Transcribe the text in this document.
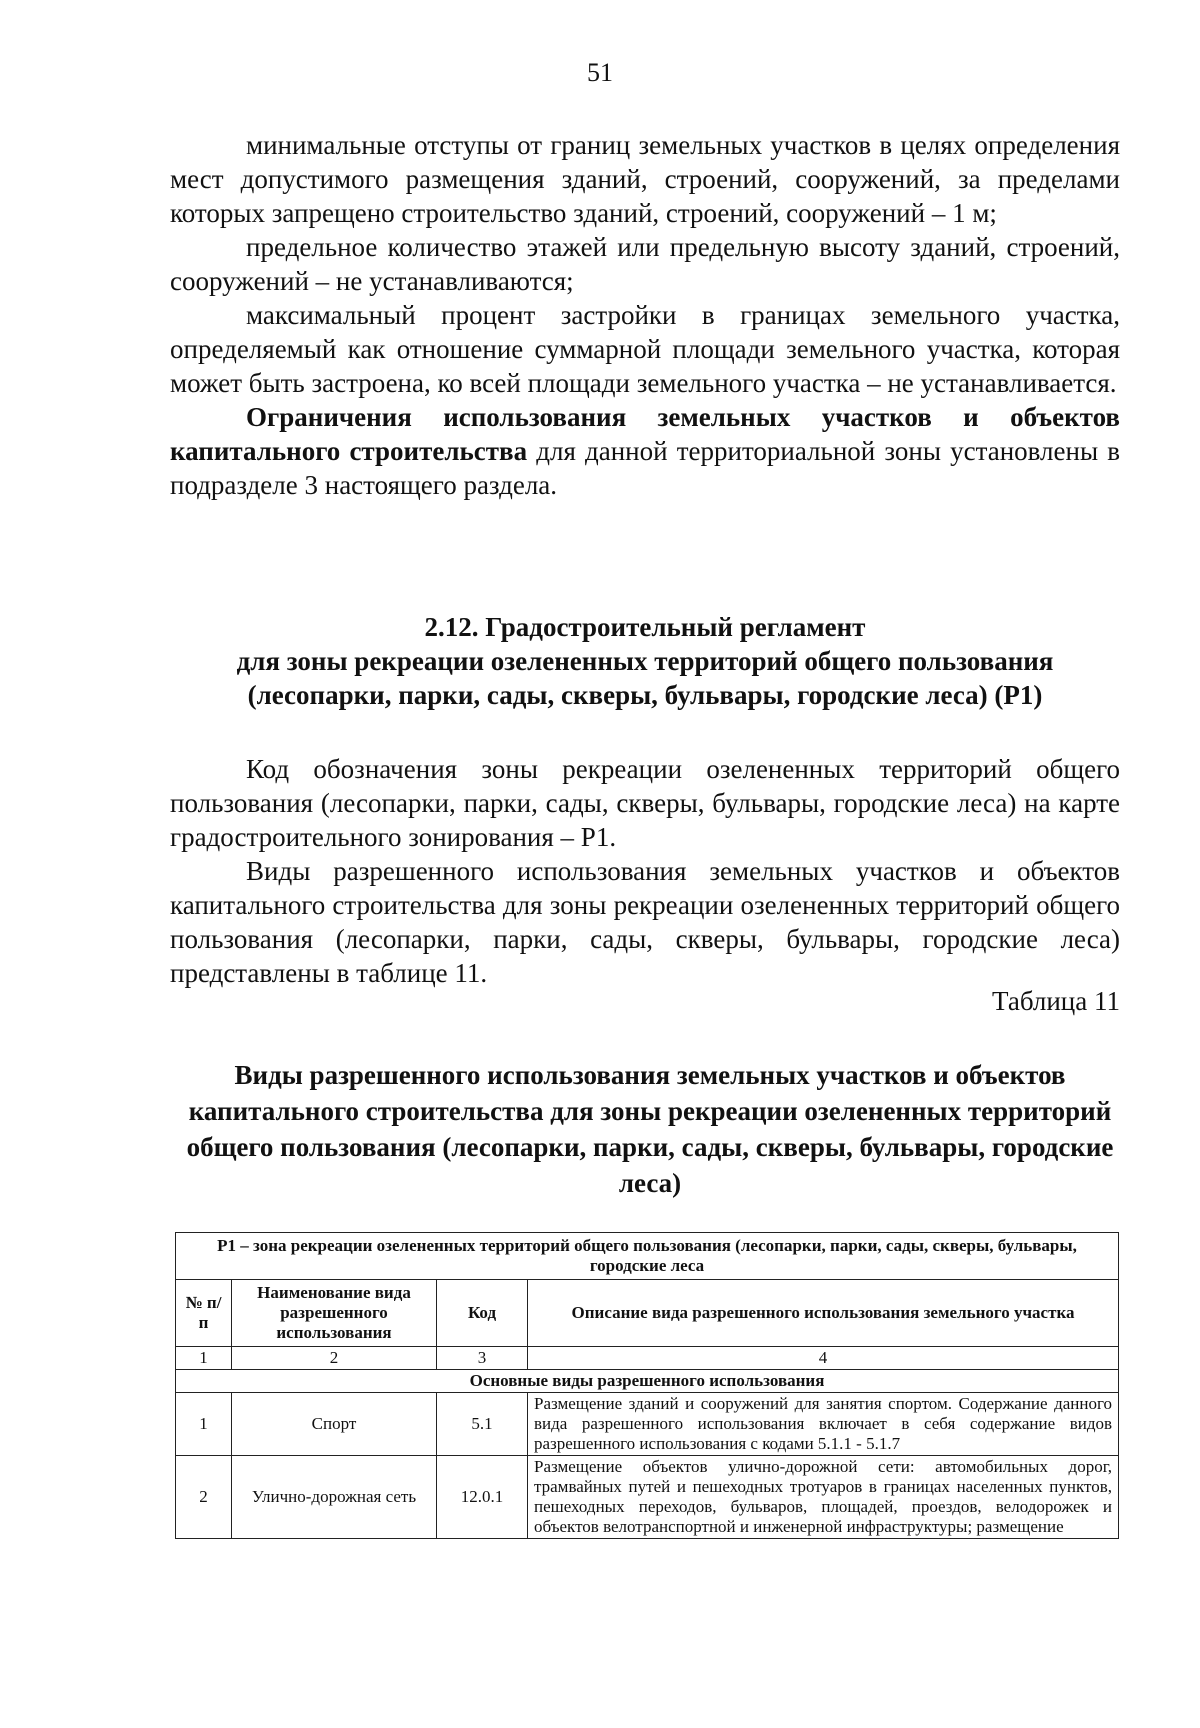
51

минимальные отступы от границ земельных участков в целях определения мест допустимого размещения зданий, строений, сооружений, за пределами которых запрещено строительство зданий, строений, сооружений – 1 м;

предельное количество этажей или предельную высоту зданий, строений, сооружений – не устанавливаются;

максимальный процент застройки в границах земельного участка, определяемый как отношение суммарной площади земельного участка, которая может быть застроена, ко всей площади земельного участка – не устанавливается.

Ограничения использования земельных участков и объектов капитального строительства для данной территориальной зоны установлены в подразделе 3 настоящего раздела.

2.12. Градостроительный регламент

для зоны рекреации озелененных территорий общего пользования

(лесопарки, парки, сады, скверы, бульвары, городские леса) (Р1)

Код обозначения зоны рекреации озелененных территорий общего пользования (лесопарки, парки, сады, скверы, бульвары, городские леса) на карте градостроительного зонирования – Р1.

Виды разрешенного использования земельных участков и объектов капитального строительства для зоны рекреации озелененных территорий общего пользования (лесопарки, парки, сады, скверы, бульвары, городские леса) представлены в таблице 11.

Таблица 11

Виды разрешенного использования земельных участков и объектов капитального строительства для зоны рекреации озелененных территорий общего пользования (лесопарки, парки, сады, скверы, бульвары, городские леса)

Р1 – зона рекреации озелененных территорий общего пользования (лесопарки, парки, сады, скверы, бульвары, городские леса			
№ п/п	Наименование вида разрешенного использования	Код	Описание вида разрешенного использования земельного участка
1	2	3	4
Основные виды разрешенного использования			
1	Спорт	5.1	Размещение зданий и сооружений для занятия спортом. Содержание данного вида разрешенного использования включает в себя содержание видов разрешенного использования с кодами 5.1.1 - 5.1.7
2	Улично-дорожная сеть	12.0.1	Размещение объектов улично-дорожной сети: автомобильных дорог, трамвайных путей и пешеходных тротуаров в границах населенных пунктов, пешеходных переходов, бульваров, площадей, проездов, велодорожек и объектов велотранспортной и инженерной инфраструктуры; размещение
